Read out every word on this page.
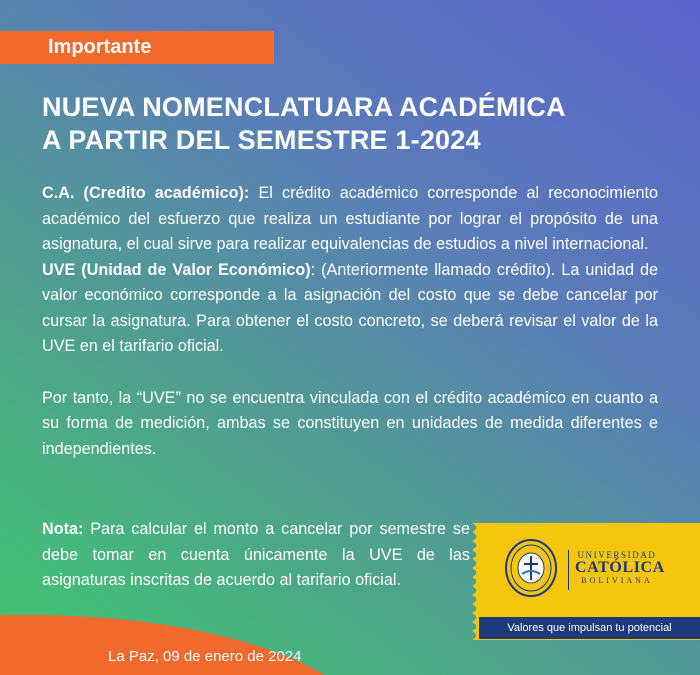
Importante
NUEVA NOMENCLATUARA ACADÉMICA
A PARTIR DEL SEMESTRE 1-2024

C.A. (Credito académico): El crédito académico corresponde al reconocimiento académico del esfuerzo que realiza un estudiante por lograr el propósito de una asignatura, el cual sirve para realizar equivalencias de estudios a nivel internacional.

UVE (Unidad de Valor Económico): (Anteriormente llamado crédito). La unidad de valor económico corresponde a la asignación del costo que se debe cancelar por cursar la asignatura. Para obtener el costo concreto, se deberá revisar el valor de la UVE en el tarifario oficial.

Por tanto, la “UVE” no se encuentra vinculada con el crédito académico en cuanto a su forma de medición, ambas se constituyen en unidades de medida diferentes e independientes.

Nota: Para calcular el monto a cancelar por semestre se debe tomar en cuenta únicamente la UVE de las asignaturas inscritas de acuerdo al tarifario oficial.
La Paz, 09 de enero de 2024
UNIVERSIDAD
CATÓLICA
BOLIVIANA
Valores que impulsan tu potencial
